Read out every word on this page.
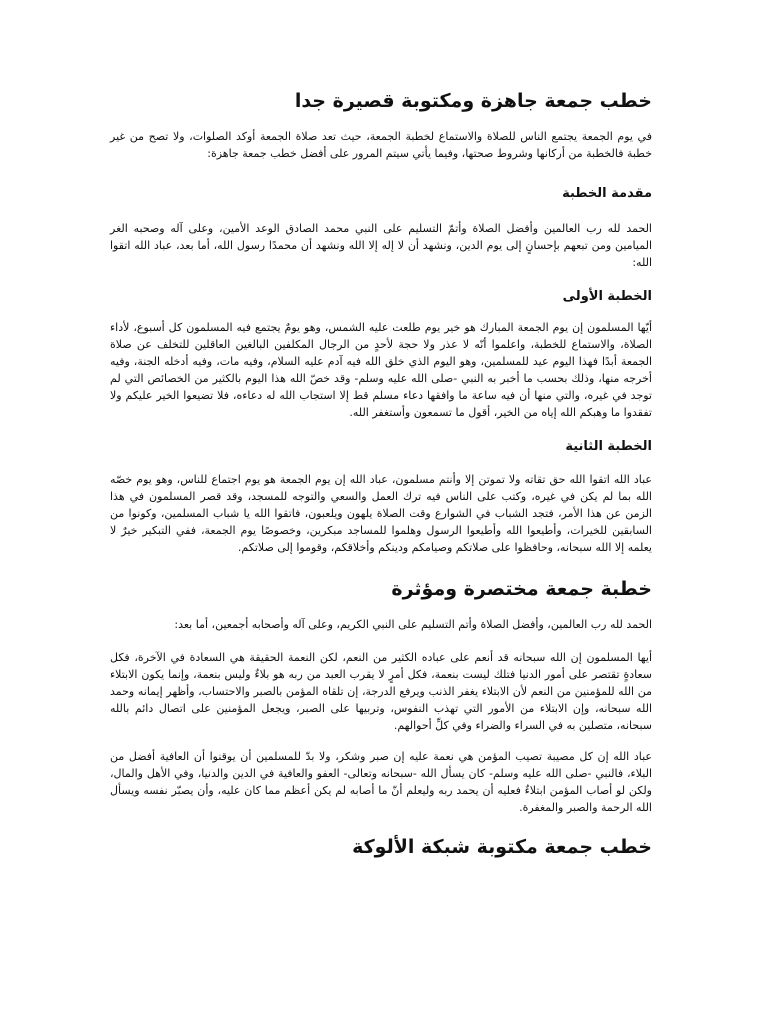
خطب جمعة جاهزة ومكتوبة قصيرة جدا

في يوم الجمعة يجتمع الناس للصلاة والاستماع لخطبة الجمعة، حيث تعد صلاة الجمعة أوكد الصلوات، ولا تصح من غير خطبة فالخطبة من أركانها وشروط صحتها، وفيما يأتي سيتم المرور على أفضل خطب جمعة جاهزة:

مقدمة الخطبة

الحمد لله رب العالمين وأفضل الصلاة وأتمّ التسليم على النبي محمد الصادق الوعد الأمين، وعلى آله وصحبه الغر الميامين ومن تبعهم بإحسانٍ إلى يوم الدين، ونشهد أن لا إله إلا الله ونشهد أن محمدًا رسول الله، أما بعد، عباد الله اتقوا الله:

الخطبة الأولى

أيّها المسلمون إن يوم الجمعة المبارك هو خير يوم طلعت عليه الشمس، وهو يومٌ يجتمع فيه المسلمون كل أسبوع، لأداء الصلاة، والاستماع للخطبة، واعلموا أنّه لا عذر ولا حجة لأحدٍ من الرجال المكلفين البالغين العاقلين للتخلف عن صلاة الجمعة أبدًا فهذا اليوم عيد للمسلمين، وهو اليوم الذي خلق الله فيه آدم عليه السلام، وفيه مات، وفيه أدخله الجنة، وفيه أخرجه منها، وذلك بحسب ما أخبر به النبي -صلى الله عليه وسلم- وقد خصّ الله هذا اليوم بالكثير من الخصائص التي لم توجد في غيره، والتي منها أن فيه ساعة ما وافقها دعاء مسلم قط إلا استجاب الله له دعاءه، فلا تضيعوا الخير عليكم ولا تفقدوا ما وهبكم الله إياه من الخير، أقول ما تسمعون وأستغفر الله.

الخطبة الثانية

عباد الله اتقوا الله حق تقاته ولا تموتن إلا وأنتم مسلمون، عباد الله إن يوم الجمعة هو يوم اجتماع للناس، وهو يوم خصّه الله بما لم يكن في غيره، وكتب على الناس فيه ترك العمل والسعي والتوجه للمسجد، وقد قصر المسلمون في هذا الزمن عن هذا الأمر، فتجد الشباب في الشوارع وقت الصلاة يلهون ويلعبون، فاتقوا الله يا شباب المسلمين، وكونوا من السابقين للخيرات، وأطيعوا الله وأطيعوا الرسول وهلموا للمساجد مبكرين، وخصوصًا يوم الجمعة، ففي التبكير خيرٌ لا يعلمه إلا الله سبحانه، وحافظوا على صلاتكم وصيامكم ودينكم وأخلاقكم، وقوموا إلى صلاتكم.

خطبة جمعة مختصرة ومؤثرة

الحمد لله رب العالمين، وأفضل الصلاة وأتم التسليم على النبي الكريم، وعلى آله وأصحابه أجمعين، أما بعد:

أيها المسلمون إن الله سبحانه قد أنعم على عباده الكثير من النعم، لكن النعمة الحقيقة هي السعادة في الآخرة، فكل سعادةٍ تقتصر على أمور الدنيا فتلك ليست بنعمة، فكل أمرٍ لا يقرب العبد من ربه هو بلاءٌ وليس بنعمة، وإنما يكون الابتلاء من الله للمؤمنين من النعم لأن الابتلاء يغفر الذنب ويرفع الدرجة، إن تلقاه المؤمن بالصبر والاحتساب، وأظهر إيمانه وحمد الله سبحانه، وإن الابتلاء من الأمور التي تهذب النفوس، وتربيها على الصبر، ويجعل المؤمنين على اتصال دائم بالله سبحانه، متصلين به في السراء والضراء وفي كلِّ أحوالهم.

عباد الله إن كل مصيبة تصيب المؤمن هي نعمة عليه إن صبر وشكر، ولا بدّ للمسلمين أن يوقنوا أن العافية أفضل من البلاء، فالنبي -صلى الله عليه وسلم- كان يسأل الله -سبحانه وتعالى- العفو والعافية في الدين والدنيا، وفي الأهل والمال، ولكن لو أصاب المؤمن ابتلاءٌ فعليه أن يحمد ربه وليعلم أنّ ما أصابه لم يكن أعظم مما كان عليه، وأن يصبّر نفسه ويسأل الله الرحمة والصبر والمغفرة.

خطب جمعة مكتوبة شبكة الألوكة
